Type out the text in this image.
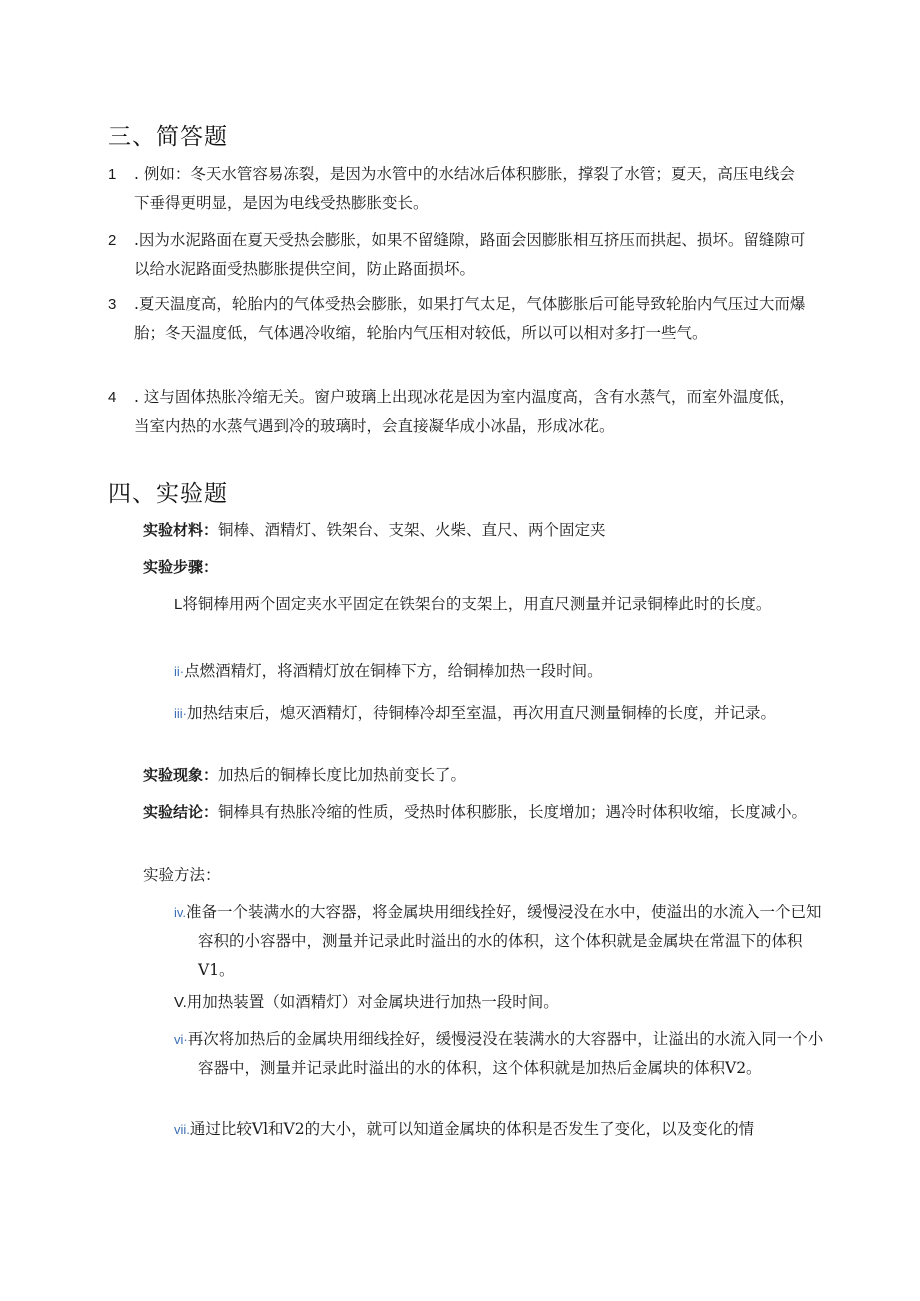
三、简答题
1	. 例如：冬天水管容易冻裂，是因为水管中的水结冰后体积膨胀，撑裂了水管；夏天，高压电线会下垂得更明显，是因为电线受热膨胀变长。
2	.因为水泥路面在夏天受热会膨胀，如果不留缝隙，路面会因膨胀相互挤压而拱起、损坏。留缝隙可以给水泥路面受热膨胀提供空间，防止路面损坏。
3	.夏天温度高，轮胎内的气体受热会膨胀，如果打气太足，气体膨胀后可能导致轮胎内气压过大而爆胎；冬天温度低，气体遇冷收缩，轮胎内气压相对较低，所以可以相对多打一些气。
4	. 这与固体热胀冷缩无关。窗户玻璃上出现冰花是因为室内温度高，含有水蒸气，而室外温度低，当室内热的水蒸气遇到冷的玻璃时，会直接凝华成小冰晶，形成冰花。
四、实验题
实验材料：铜棒、酒精灯、铁架台、支架、火柴、直尺、两个固定夹
实验步骤：
L将铜棒用两个固定夹水平固定在铁架台的支架上，用直尺测量并记录铜棒此时的长度。
ii·点燃酒精灯，将酒精灯放在铜棒下方，给铜棒加热一段时间。
iii·加热结束后，熄灭酒精灯，待铜棒冷却至室温，再次用直尺测量铜棒的长度，并记录。
实验现象：加热后的铜棒长度比加热前变长了。
实验结论：铜棒具有热胀冷缩的性质，受热时体积膨胀，长度增加；遇冷时体积收缩，长度减小。
实验方法：
iv.准备一个装满水的大容器，将金属块用细线拴好，缓慢浸没在水中，使溢出的水流入一个已知容积的小容器中，测量并记录此时溢出的水的体积，这个体积就是金属块在常温下的体积V1。
V.用加热装置（如酒精灯）对金属块进行加热一段时间。
vi·再次将加热后的金属块用细线拴好，缓慢浸没在装满水的大容器中，让溢出的水流入同一个小容器中，测量并记录此时溢出的水的体积，这个体积就是加热后金属块的体积V2。
vii.通过比较Vl和V2的大小，就可以知道金属块的体积是否发生了变化，以及变化的情
